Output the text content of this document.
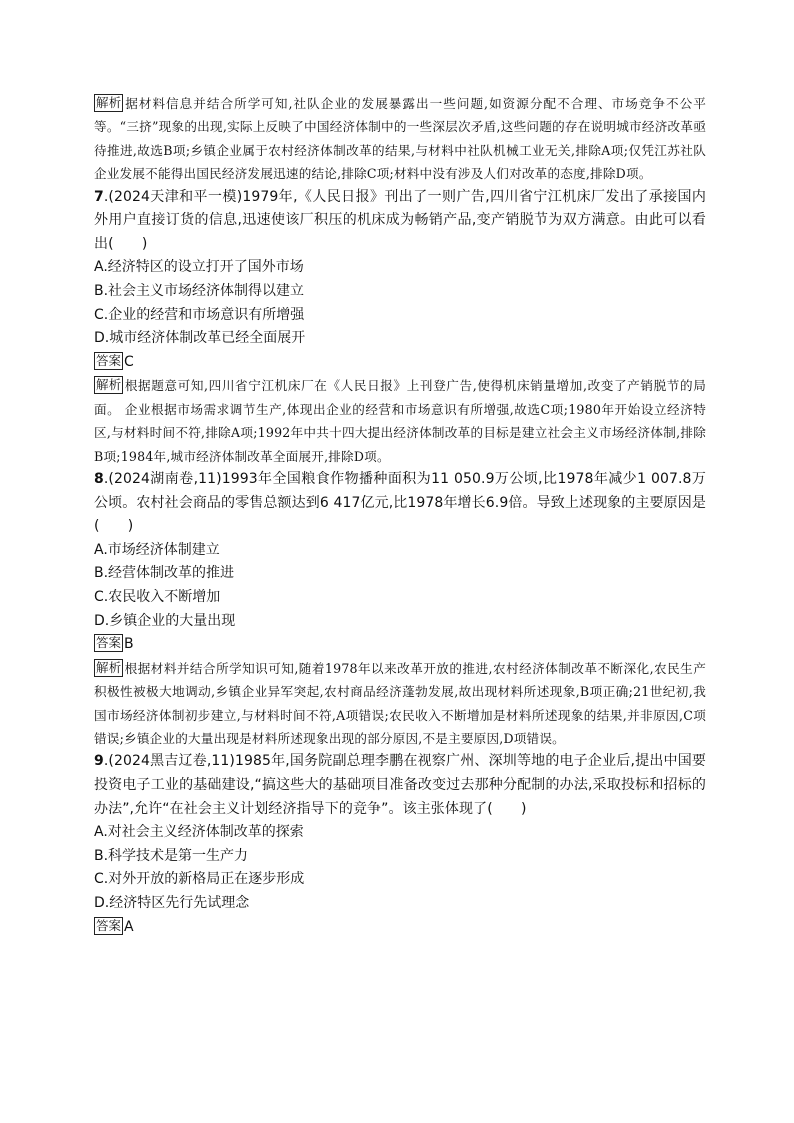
解析 据材料信息并结合所学可知,社队企业的发展暴露出一些问题,如资源分配不合理、市场竞争不公平等。“三挤”现象的出现,实际上反映了中国经济体制中的一些深层次矛盾,这些问题的存在说明城市经济改革亟待推进,故选B项;乡镇企业属于农村经济体制改革的结果,与材料中社队机械工业无关,排除A项;仅凭江苏社队企业发展不能得出国民经济发展迅速的结论,排除C项;材料中没有涉及人们对改革的态度,排除D项。

7.(2024天津和平一模)1979年,《人民日报》刊出了一则广告,四川省宁江机床厂发出了承接国内外用户直接订货的信息,迅速使该厂积压的机床成为畅销产品,变产销脱节为双方满意。由此可以看出(　　)

A.经济特区的设立打开了国外市场
B.社会主义市场经济体制得以建立
C.企业的经营和市场意识有所增强
D.城市经济体制改革已经全面展开
答案 C

解析 根据题意可知,四川省宁江机床厂在《人民日报》上刊登广告,使得机床销量增加,改变了产销脱节的局面。 企业根据市场需求调节生产,体现出企业的经营和市场意识有所增强,故选C项;1980年开始设立经济特区,与材料时间不符,排除A项;1992年中共十四大提出经济体制改革的目标是建立社会主义市场经济体制,排除B项;1984年,城市经济体制改革全面展开,排除D项。

8.(2024湖南卷,11)1993年全国粮食作物播种面积为11 050.9万公顷,比1978年减少1 007.8万公顷。农村社会商品的零售总额达到6 417亿元,比1978年增长6.9倍。导致上述现象的主要原因是(　　)

A.市场经济体制建立
B.经营体制改革的推进
C.农民收入不断增加
D.乡镇企业的大量出现
答案 B

解析 根据材料并结合所学知识可知,随着1978年以来改革开放的推进,农村经济体制改革不断深化,农民生产积极性被极大地调动,乡镇企业异军突起,农村商品经济蓬勃发展,故出现材料所述现象,B项正确;21世纪初,我国市场经济体制初步建立,与材料时间不符,A项错误;农民收入不断增加是材料所述现象的结果,并非原因,C项错误;乡镇企业的大量出现是材料所述现象出现的部分原因,不是主要原因,D项错误。

9.(2024黑吉辽卷,11)1985年,国务院副总理李鹏在视察广州、深圳等地的电子企业后,提出中国要投资电子工业的基础建设,“搞这些大的基础项目准备改变过去那种分配制的办法,采取投标和招标的办法”,允许“在社会主义计划经济指导下的竞争”。该主张体现了(　　)

A.对社会主义经济体制改革的探索
B.科学技术是第一生产力
C.对外开放的新格局正在逐步形成
D.经济特区先行先试理念
答案 A
